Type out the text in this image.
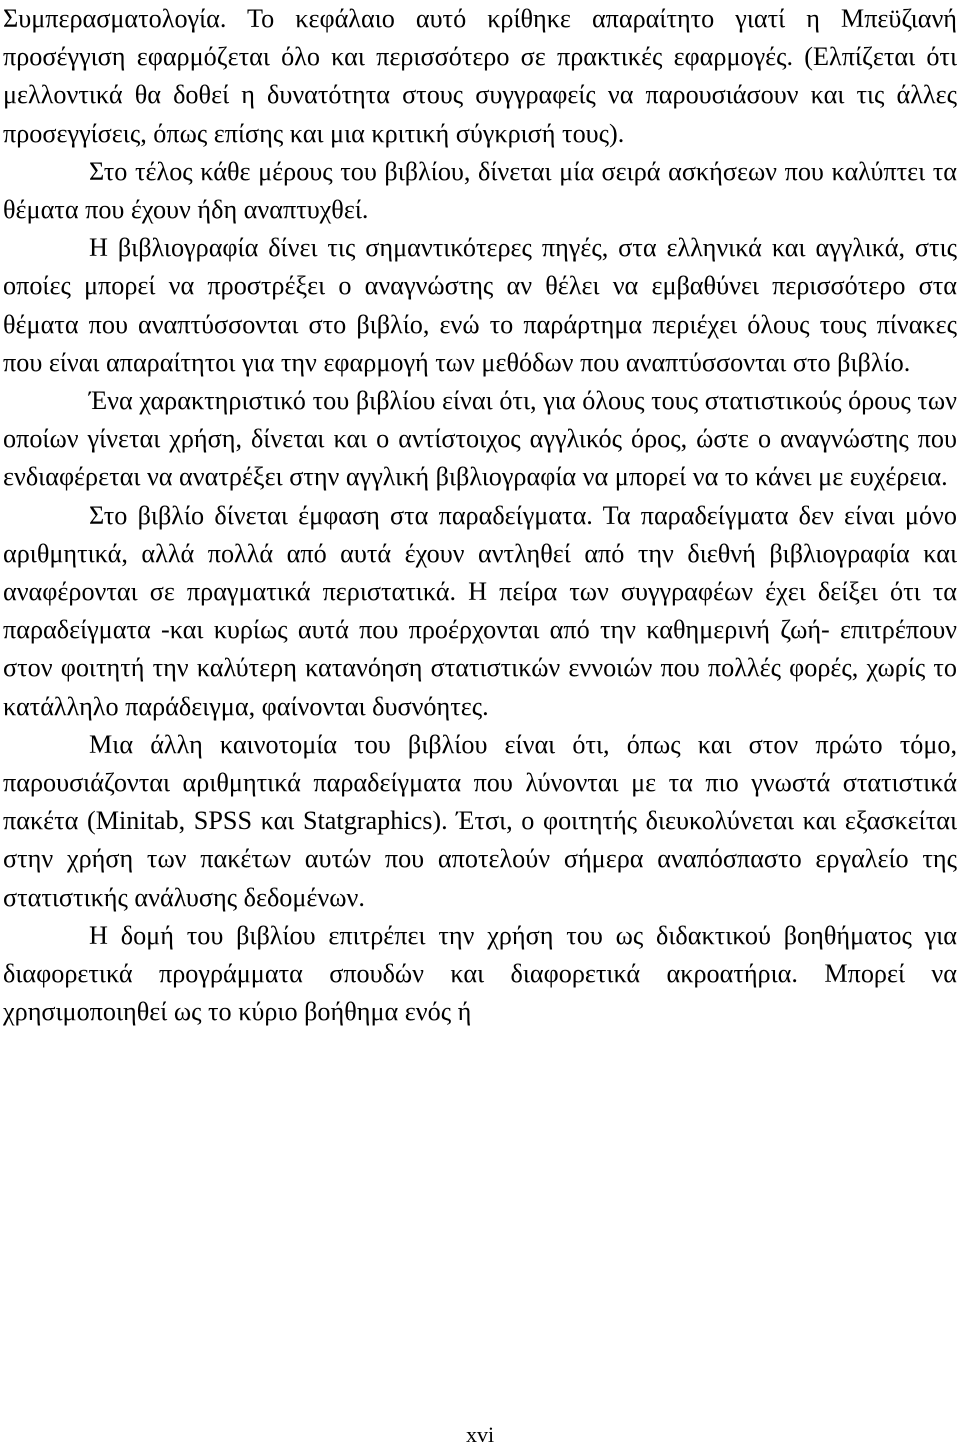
Συμπερασματολογία. Το κεφάλαιο αυτό κρίθηκε απαραίτητο γιατί η Μπεϋζιανή προσέγγιση εφαρμόζεται όλο και περισσότερο σε πρακτικές εφαρμογές. (Ελπίζεται ότι μελλοντικά θα δοθεί η δυνατότητα στους συγγραφείς να παρουσιάσουν και τις άλλες προσεγγίσεις, όπως επίσης και μια κριτική σύγκρισή τους).

Στο τέλος κάθε μέρους του βιβλίου, δίνεται μία σειρά ασκήσεων που καλύπτει τα θέματα που έχουν ήδη αναπτυχθεί.

Η βιβλιογραφία δίνει τις σημαντικότερες πηγές, στα ελληνικά και αγγλικά, στις οποίες μπορεί να προστρέξει ο αναγνώστης αν θέλει να εμβαθύνει περισσότερο στα θέματα που αναπτύσσονται στο βιβλίο, ενώ το παράρτημα περιέχει όλους τους πίνακες που είναι απαραίτητοι για την εφαρμογή των μεθόδων που αναπτύσσονται στο βιβλίο.

Ένα χαρακτηριστικό του βιβλίου είναι ότι, για όλους τους στατιστικούς όρους των οποίων γίνεται χρήση, δίνεται και ο αντίστοιχος αγγλικός όρος, ώστε ο αναγνώστης που ενδιαφέρεται να ανατρέξει στην αγγλική βιβλιογραφία να μπορεί να το κάνει με ευχέρεια.

Στο βιβλίο δίνεται έμφαση στα παραδείγματα. Τα παραδείγματα δεν είναι μόνο αριθμητικά, αλλά πολλά από αυτά έχουν αντληθεί από την διεθνή βιβλιογραφία και αναφέρονται σε πραγματικά περιστατικά. Η πείρα των συγγραφέων έχει δείξει ότι τα παραδείγματα -και κυρίως αυτά που προέρχονται από την καθημερινή ζωή- επιτρέπουν στον φοιτητή την καλύτερη κατανόηση στατιστικών εννοιών που πολλές φορές, χωρίς το κατάλληλο παράδειγμα, φαίνονται δυσνόητες.

Μια άλλη καινοτομία του βιβλίου είναι ότι, όπως και στον πρώτο τόμο, παρουσιάζονται αριθμητικά παραδείγματα που λύνονται με τα πιο γνωστά στατιστικά πακέτα (Minitab, SPSS και Statgraphics). Έτσι, ο φοιτητής διευκολύνεται και εξασκείται στην χρήση των πακέτων αυτών που αποτελούν σήμερα αναπόσπαστο εργαλείο της στατιστικής ανάλυσης δεδομένων.

Η δομή του βιβλίου επιτρέπει την χρήση του ως διδακτικού βοηθήματος για διαφορετικά προγράμματα σπουδών και διαφορετικά ακροατήρια. Μπορεί να χρησιμοποιηθεί ως το κύριο βοήθημα ενός ή

xvi
